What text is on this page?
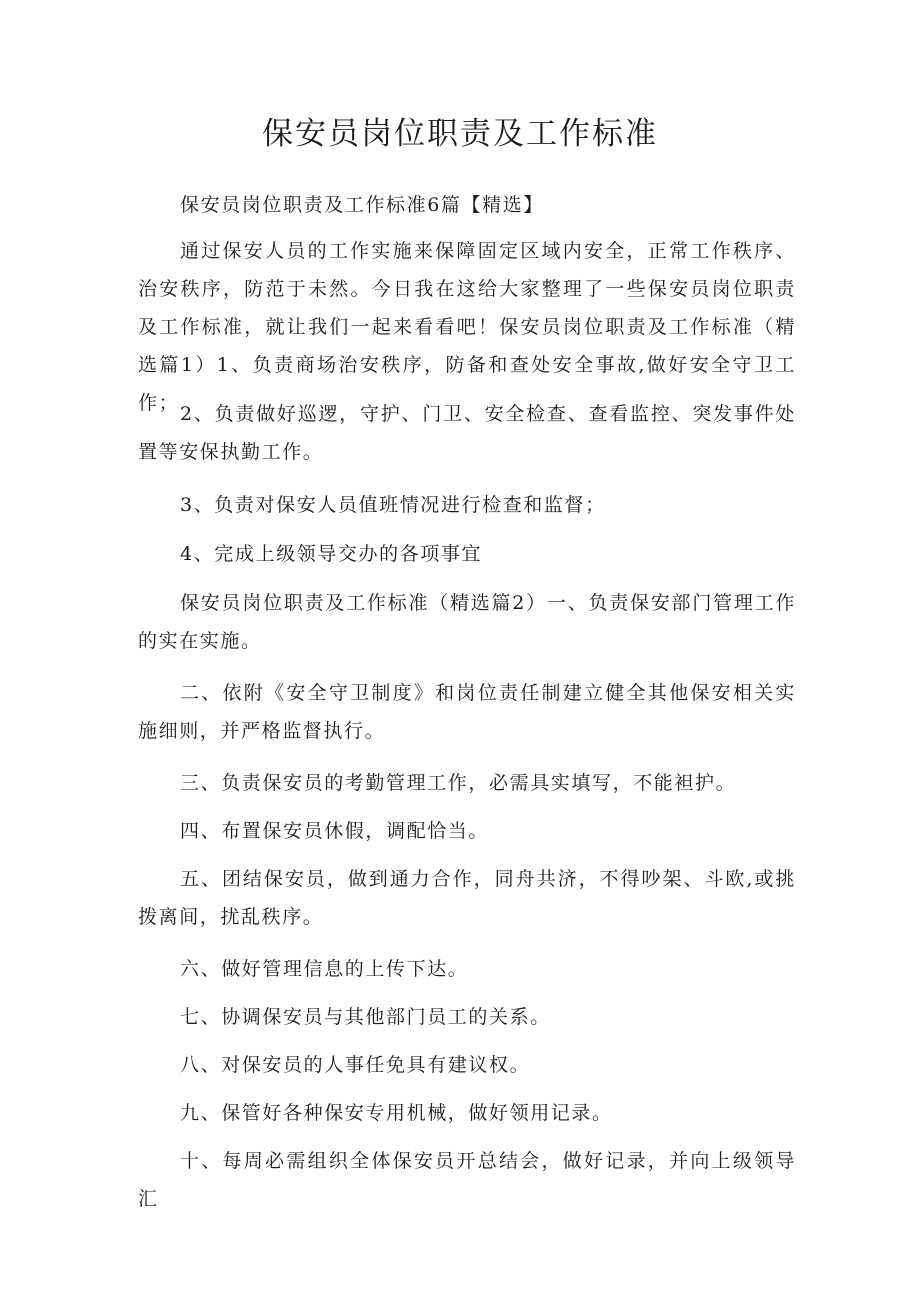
保安员岗位职责及工作标准

保安员岗位职责及工作标准6篇【精选】

通过保安人员的工作实施来保障固定区域内安全，正常工作秩序、治安秩序，防范于未然。今日我在这给大家整理了一些保安员岗位职责及工作标准，就让我们一起来看看吧！保安员岗位职责及工作标准（精选篇1）1、负责商场治安秩序，防备和查处安全事故,做好安全守卫工作； 2、负责做好巡逻，守护、门卫、安全检查、查看监控、突发事件处置等安保执勤工作。

3、负责对保安人员值班情况进行检查和监督；

4、完成上级领导交办的各项事宜

保安员岗位职责及工作标准（精选篇2）一、负责保安部门管理工作的实在实施。

二、依附《安全守卫制度》和岗位责任制建立健全其他保安相关实施细则，并严格监督执行。

三、负责保安员的考勤管理工作，必需具实填写，不能袒护。

四、布置保安员休假，调配恰当。

五、团结保安员，做到通力合作，同舟共济，不得吵架、斗欧,或挑拨离间，扰乱秩序。

六、做好管理信息的上传下达。

七、协调保安员与其他部门员工的关系。

八、对保安员的人事任免具有建议权。

九、保管好各种保安专用机械，做好领用记录。

十、每周必需组织全体保安员开总结会，做好记录，并向上级领导汇
